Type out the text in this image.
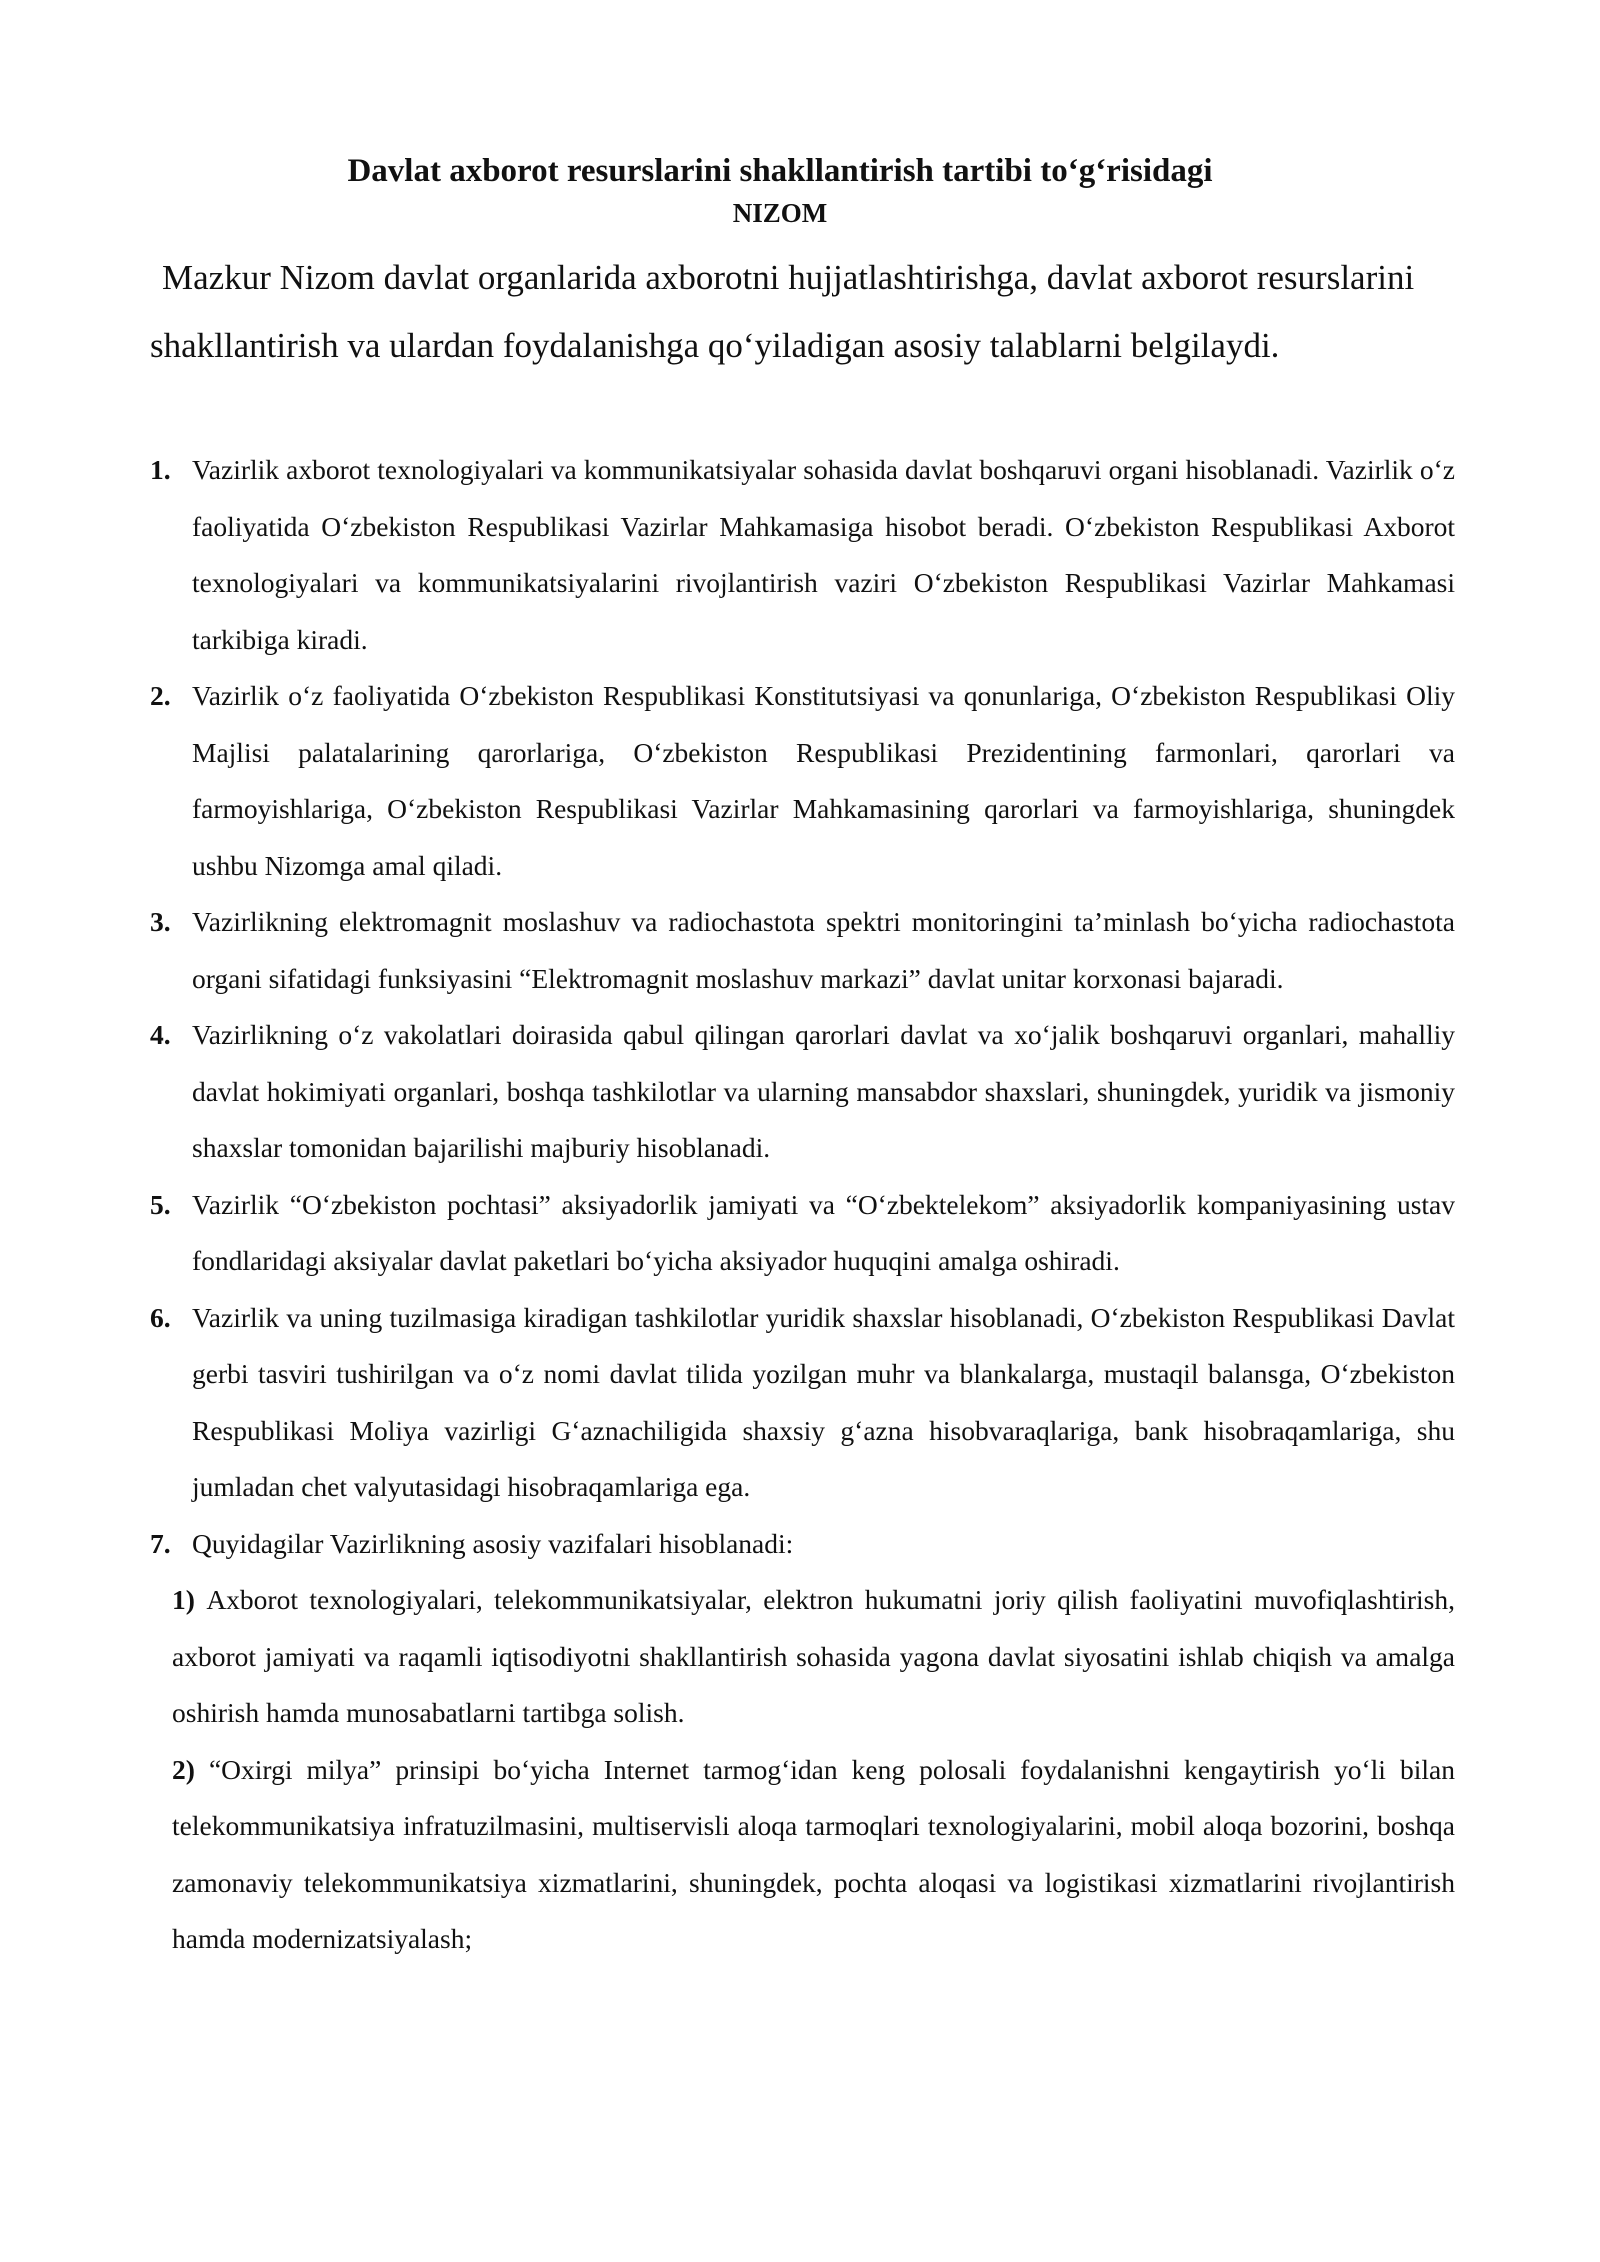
Davlat axborot resurslarini shakllantirish tartibi to‘g‘risidagi
NIZOM
Mazkur Nizom davlat organlarida axborotni hujjatlashtirishga, davlat axborot resurslarini shakllantirish va ulardan foydalanishga qo‘yiladigan asosiy talablarni belgilaydi.
1. Vazirlik axborot texnologiyalari va kommunikatsiyalar sohasida davlat boshqaruvi organi hisoblanadi. Vazirlik o‘z faoliyatida O‘zbekiston Respublikasi Vazirlar Mahkamasiga hisobot beradi. O‘zbekiston Respublikasi Axborot texnologiyalari va kommunikatsiyalarini rivojlantirish vaziri O‘zbekiston Respublikasi Vazirlar Mahkamasi tarkibiga kiradi.
2. Vazirlik o‘z faoliyatida O‘zbekiston Respublikasi Konstitutsiyasi va qonunlariga, O‘zbekiston Respublikasi Oliy Majlisi palatalarining qarorlariga, O‘zbekiston Respublikasi Prezidentining farmonlari, qarorlari va farmoyishlariga, O‘zbekiston Respublikasi Vazirlar Mahkamasining qarorlari va farmoyishlariga, shuningdek ushbu Nizomga amal qiladi.
3. Vazirlikning elektromagnit moslashuv va radiochastota spektri monitoringini ta’minlash bo‘yicha radiochastota organi sifatidagi funksiyasini “Elektromagnit moslashuv markazi” davlat unitar korxonasi bajaradi.
4. Vazirlikning o‘z vakolatlari doirasida qabul qilingan qarorlari davlat va xo‘jalik boshqaruvi organlari, mahalliy davlat hokimiyati organlari, boshqa tashkilotlar va ularning mansabdor shaxslari, shuningdek, yuridik va jismoniy shaxslar tomonidan bajarilishi majburiy hisoblanadi.
5. Vazirlik “O‘zbekiston pochtasi” aksiyadorlik jamiyati va “O‘zbektelekom” aksiyadorlik kompaniyasining ustav fondlaridagi aksiyalar davlat paketlari bo‘yicha aksiyador huquqini amalga oshiradi.
6. Vazirlik va uning tuzilmasiga kiradigan tashkilotlar yuridik shaxslar hisoblanadi, O‘zbekiston Respublikasi Davlat gerbi tasviri tushirilgan va o‘z nomi davlat tilida yozilgan muhr va blankalarga, mustaqil balansga, O‘zbekiston Respublikasi Moliya vazirligi G‘aznachiligida shaxsiy g‘azna hisobvaraqlariga, bank hisobraqamlariga, shu jumladan chet valyutasidagi hisobraqamlariga ega.
7. Quyidagilar Vazirlikning asosiy vazifalari hisoblanadi:
1) Axborot texnologiyalari, telekommunikatsiyalar, elektron hukumatni joriy qilish faoliyatini muvofiqlashtirish, axborot jamiyati va raqamli iqtisodiyotni shakllantirish sohasida yagona davlat siyosatini ishlab chiqish va amalga oshirish hamda munosabatlarni tartibga solish.
2) “Oxirgi milya” prinsipi bo‘yicha Internet tarmog‘idan keng polosali foydalanishni kengaytirish yo‘li bilan telekommunikatsiya infratuzilmasini, multiservisli aloqa tarmoqlari texnologiyalarini, mobil aloqa bozorini, boshqa zamonaviy telekommunikatsiya xizmatlarini, shuningdek, pochta aloqasi va logistikasi xizmatlarini rivojlantirish hamda modernizatsiyalash;
